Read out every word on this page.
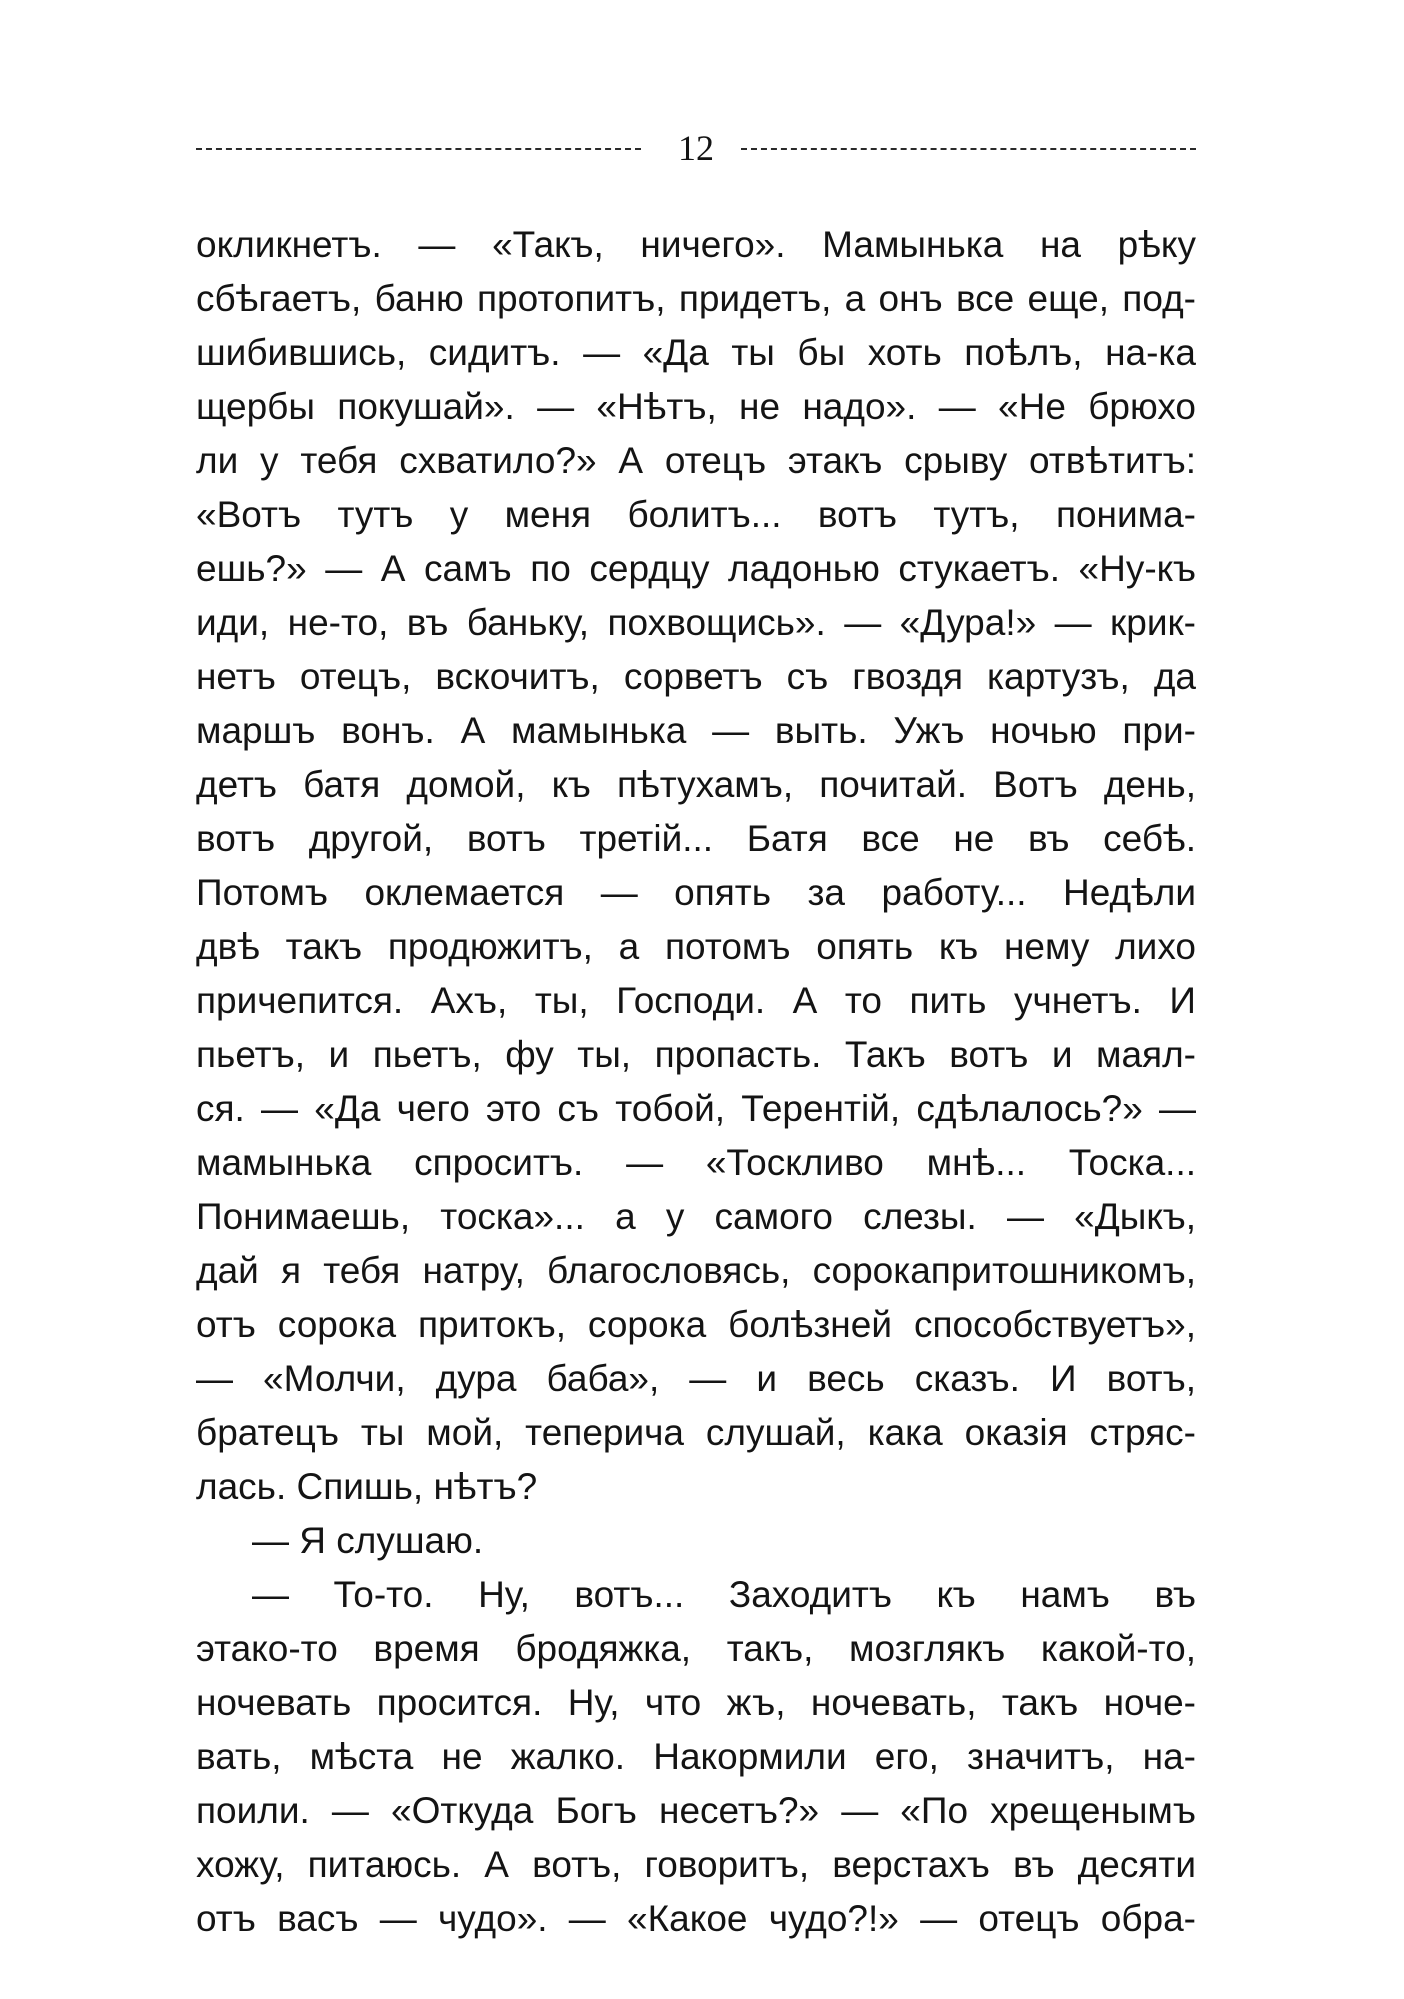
12
окликнетъ. — «Такъ, ничего». Мамынька на рѣку
сбѣгаетъ, баню протопитъ, придетъ, а онъ все еще, под-
шибившись, сидитъ. — «Да ты бы хоть поѣлъ, на-ка
щербы покушай». — «Нѣтъ, не надо». — «Не брюхо
ли у тебя схватило?» А отецъ этакъ срыву отвѣтитъ:
«Вотъ тутъ у меня болитъ... вотъ тутъ, понима-
ешь?» — А самъ по сердцу ладонью стукаетъ. «Ну-къ
иди, не-то, въ баньку, похвощись». — «Дура!» — крик-
нетъ отецъ, вскочитъ, сорветъ съ гвоздя картузъ, да
маршъ вонъ. А мамынька — выть. Ужъ ночью при-
детъ батя домой, къ пѣтухамъ, почитай. Вотъ день,
вотъ другой, вотъ третій... Батя все не въ себѣ.
Потомъ оклемается — опять за работу... Недѣли
двѣ такъ продюжитъ, а потомъ опять къ нему лихо
причепится. Ахъ, ты, Господи. А то пить учнетъ. И
пьетъ, и пьетъ, фу ты, пропасть. Такъ вотъ и маял-
ся. — «Да чего это съ тобой, Терентій, сдѣлалось?» —
мамынька спроситъ. — «Тоскливо мнѣ... Тоска...
Понимаешь, тоска»... а у самого слезы. — «Дыкъ,
дай я тебя натру, благословясь, сорокапритошникомъ,
отъ сорока притокъ, сорока болѣзней способствуетъ»,
— «Молчи, дура баба», — и весь сказъ. И вотъ,
братецъ ты мой, теперича слушай, кака оказія стряс-
лась. Спишь, нѣтъ?
— Я слушаю.
— То-то. Ну, вотъ... Заходитъ къ намъ въ
этако-то время бродяжка, такъ, мозглякъ какой-то,
ночевать просится. Ну, что жъ, ночевать, такъ ноче-
вать, мѣста не жалко. Накормили его, значитъ, на-
поили. — «Откуда Богъ несетъ?» — «По хрещенымъ
хожу, питаюсь. А вотъ, говоритъ, верстахъ въ десяти
отъ васъ — чудо». — «Какое чудо?!» — отецъ обра-
